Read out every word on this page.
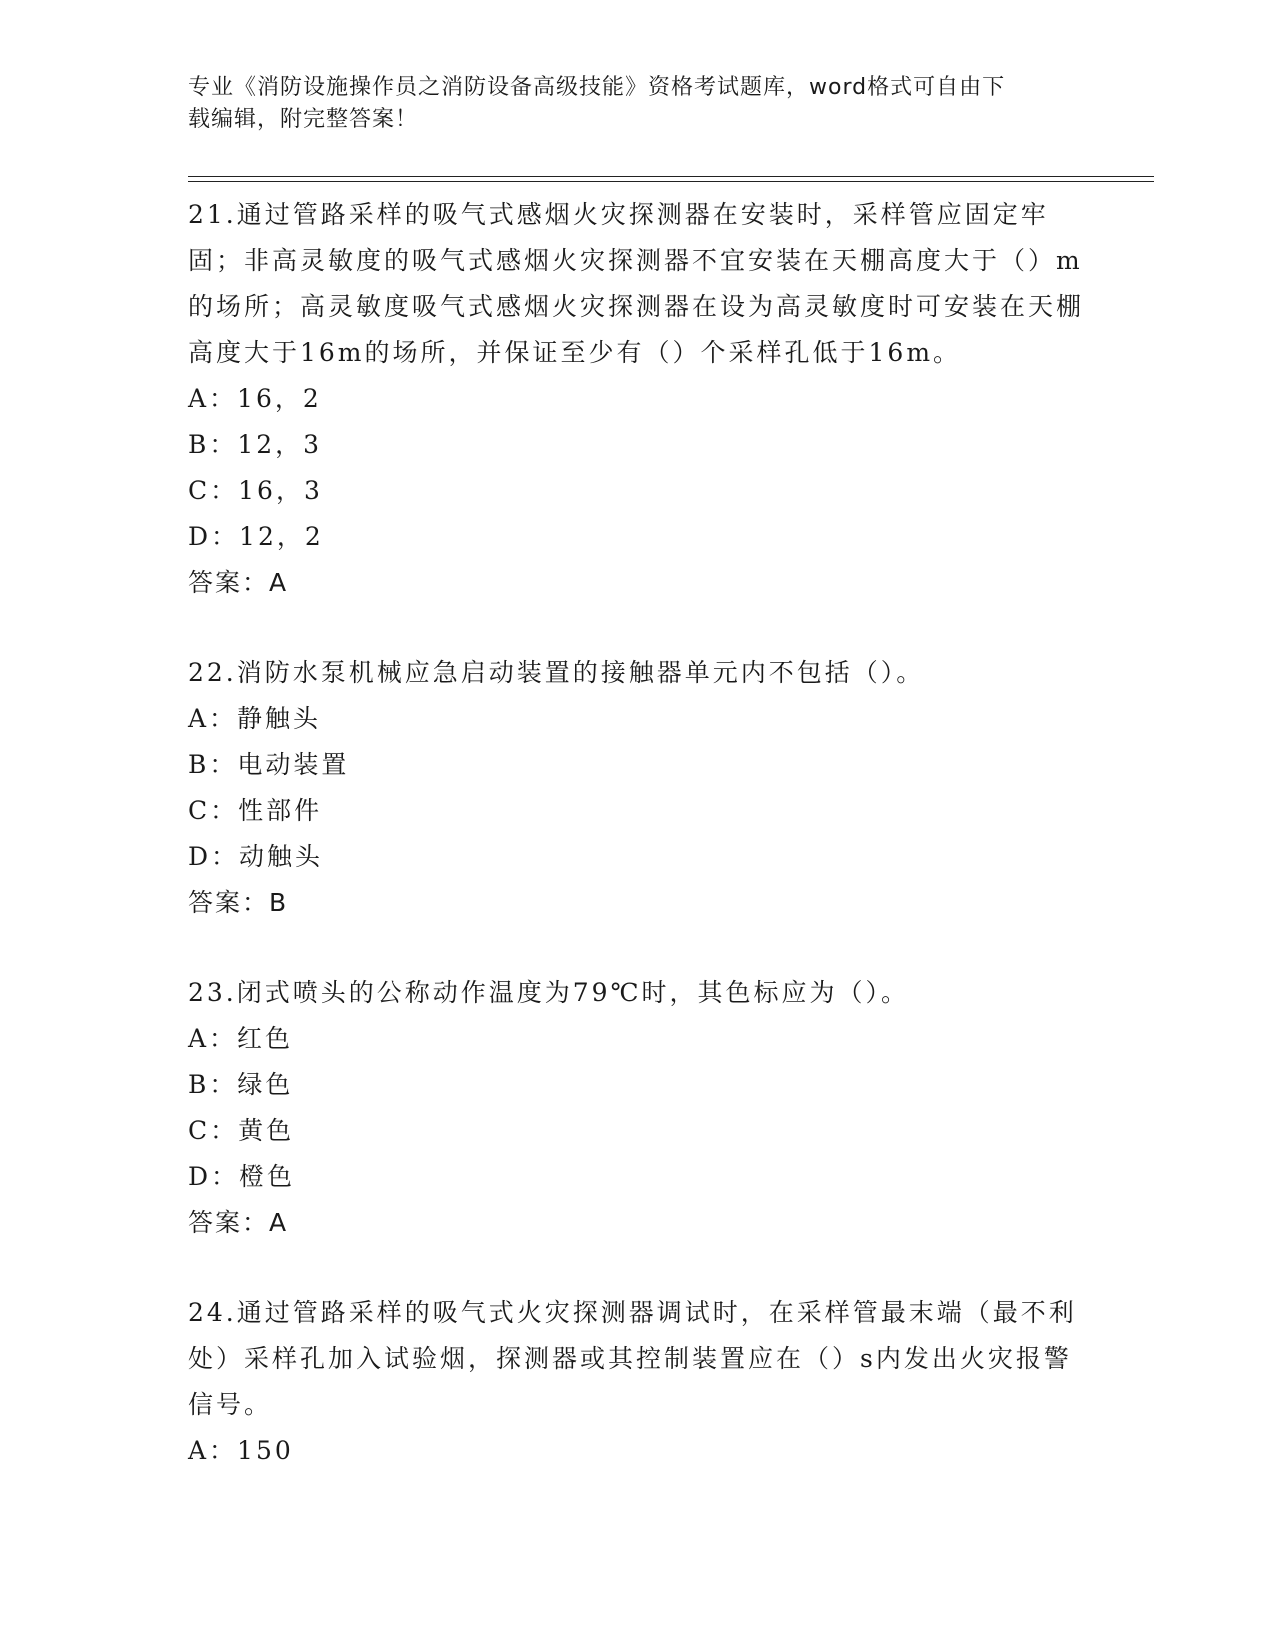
专业《消防设施操作员之消防设备高级技能》资格考试题库，word格式可自由下
载编辑，附完整答案！
21.通过管路采样的吸气式感烟火灾探测器在安装时，采样管应固定牢固；非高灵敏度的吸气式感烟火灾探测器不宜安装在天棚高度大于（）m的场所；高灵敏度吸气式感烟火灾探测器在设为高灵敏度时可安装在天棚高度大于16m的场所，并保证至少有（）个采样孔低于16m。
A：16，2
B：12，3
C：16，3
D：12，2
答案：A
22.消防水泵机械应急启动装置的接触器单元内不包括（）。
A：静触头
B：电动装置
C：性部件
D：动触头
答案：B
23.闭式喷头的公称动作温度为79℃时，其色标应为（）。
A：红色
B：绿色
C：黄色
D：橙色
答案：A
24.通过管路采样的吸气式火灾探测器调试时，在采样管最末端（最不利处）采样孔加入试验烟，探测器或其控制装置应在（）s内发出火灾报警信号。
A：150
